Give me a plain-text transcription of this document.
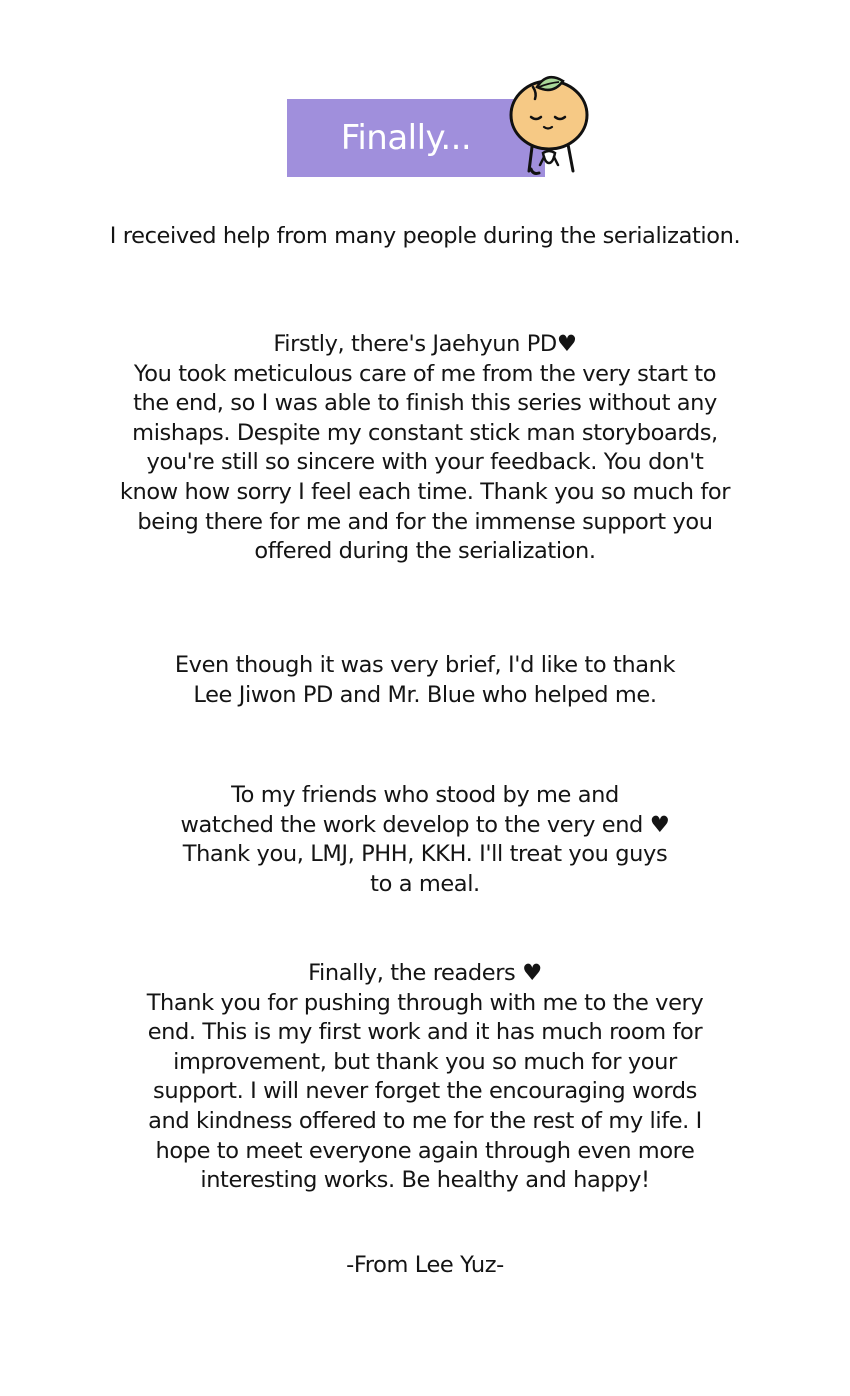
Finally...

I received help from many people during the serialization.

Firstly, there's Jaehyun PD♥
You took meticulous care of me from the very start to
the end, so I was able to finish this series without any
mishaps. Despite my constant stick man storyboards,
you're still so sincere with your feedback. You don't
know how sorry I feel each time. Thank you so much for
being there for me and for the immense support you
offered during the serialization.

Even though it was very brief, I'd like to thank
Lee Jiwon PD and Mr. Blue who helped me.

To my friends who stood by me and
watched the work develop to the very end ♥
Thank you, LMJ, PHH, KKH. I'll treat you guys
to a meal.

Finally, the readers ♥
Thank you for pushing through with me to the very
end. This is my first work and it has much room for
improvement, but thank you so much for your
support. I will never forget the encouraging words
and kindness offered to me for the rest of my life. I
hope to meet everyone again through even more
interesting works. Be healthy and happy!

-From Lee Yuz-
